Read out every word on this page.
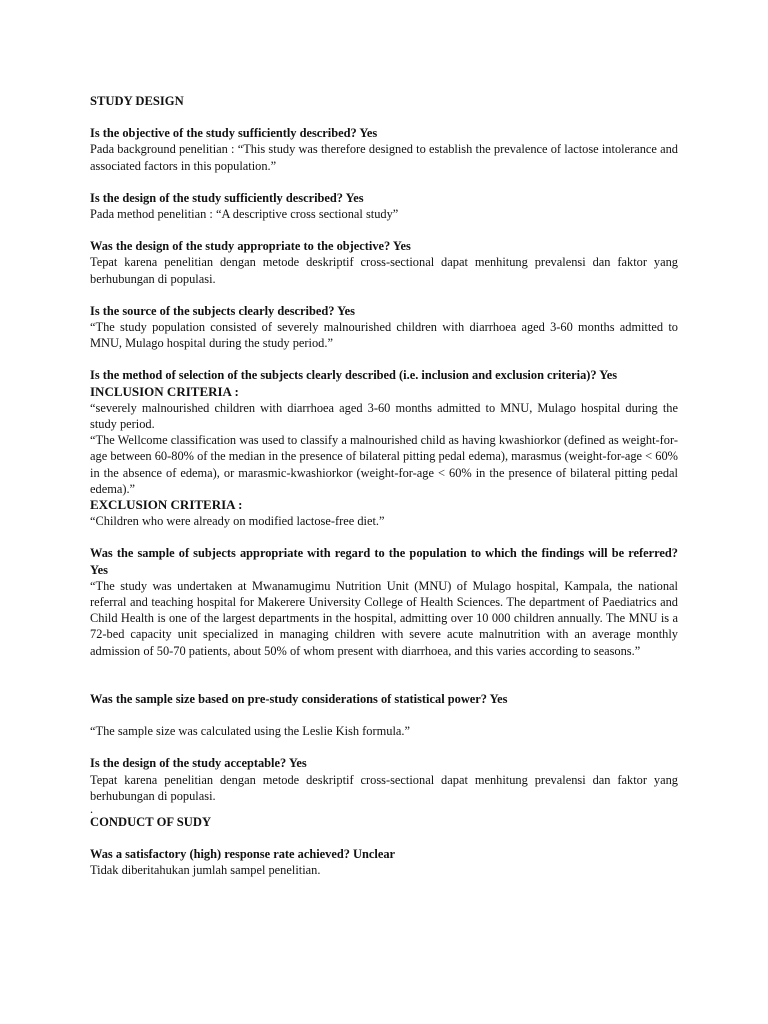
STUDY DESIGN

Is the objective of the study sufficiently described? Yes

Pada background penelitian : “This study was therefore designed to establish the prevalence of lactose intolerance and associated factors in this population.”

Is the design of the study sufficiently described? Yes

Pada method penelitian : “A descriptive cross sectional study”

Was the design of the study appropriate to the objective? Yes

Tepat karena penelitian dengan metode deskriptif cross-sectional dapat menhitung prevalensi dan faktor yang berhubungan di populasi.

Is the source of the subjects clearly described? Yes

“The study population consisted of severely malnourished children with diarrhoea aged 3-60 months admitted to MNU, Mulago hospital during the study period.”

Is the method of selection of the subjects clearly described (i.e. inclusion and exclusion criteria)? Yes

INCLUSION CRITERIA :

“severely malnourished children with diarrhoea aged 3-60 months admitted to MNU, Mulago hospital during the study period.

“The Wellcome classification was used to classify a malnourished child as having kwashiorkor (defined as weight-for-age between 60-80% of the median in the presence of bilateral pitting pedal edema), marasmus (weight-for-age < 60% in the absence of edema), or marasmic-kwashiorkor (weight-for-age < 60% in the presence of bilateral pitting pedal edema).”

EXCLUSION CRITERIA :

“Children who were already on modified lactose-free diet.”

Was the sample of subjects appropriate with regard to the population to which the findings will be referred? Yes

“The study was undertaken at Mwanamugimu Nutrition Unit (MNU) of Mulago hospital, Kampala, the national referral and teaching hospital for Makerere University College of Health Sciences. The department of Paediatrics and Child Health is one of the largest departments in the hospital, admitting over 10 000 children annually. The MNU is a 72-bed capacity unit specialized in managing children with severe acute malnutrition with an average monthly admission of 50-70 patients, about 50% of whom present with diarrhoea, and this varies according to seasons.”

Was the sample size based on pre-study considerations of statistical power? Yes

“The sample size was calculated using the Leslie Kish formula.”

Is the design of the study acceptable? Yes

Tepat karena penelitian dengan metode deskriptif cross-sectional dapat menhitung prevalensi dan faktor yang berhubungan di populasi.

.

CONDUCT OF SUDY

Was a satisfactory (high) response rate achieved? Unclear

Tidak diberitahukan jumlah sampel penelitian.
